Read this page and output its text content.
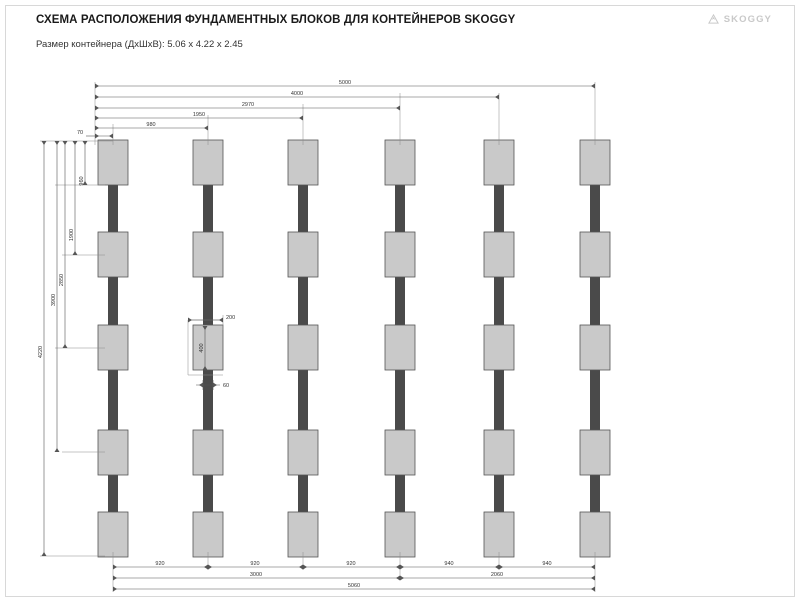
СХЕМА РАСПОЛОЖЕНИЯ ФУНДАМЕНТНЫХ БЛОКОВ ДЛЯ КОНТЕЙНЕРОВ SKOGGY
Размер контейнера (ДхШхВ): 5.06 x 4.22 x 2.45
SKOGGY
5000
4000
2970
1950
980
70
4220
3900
2850
1900
960
200
400
60
920	920	920	940	940
3000	2060
5060
